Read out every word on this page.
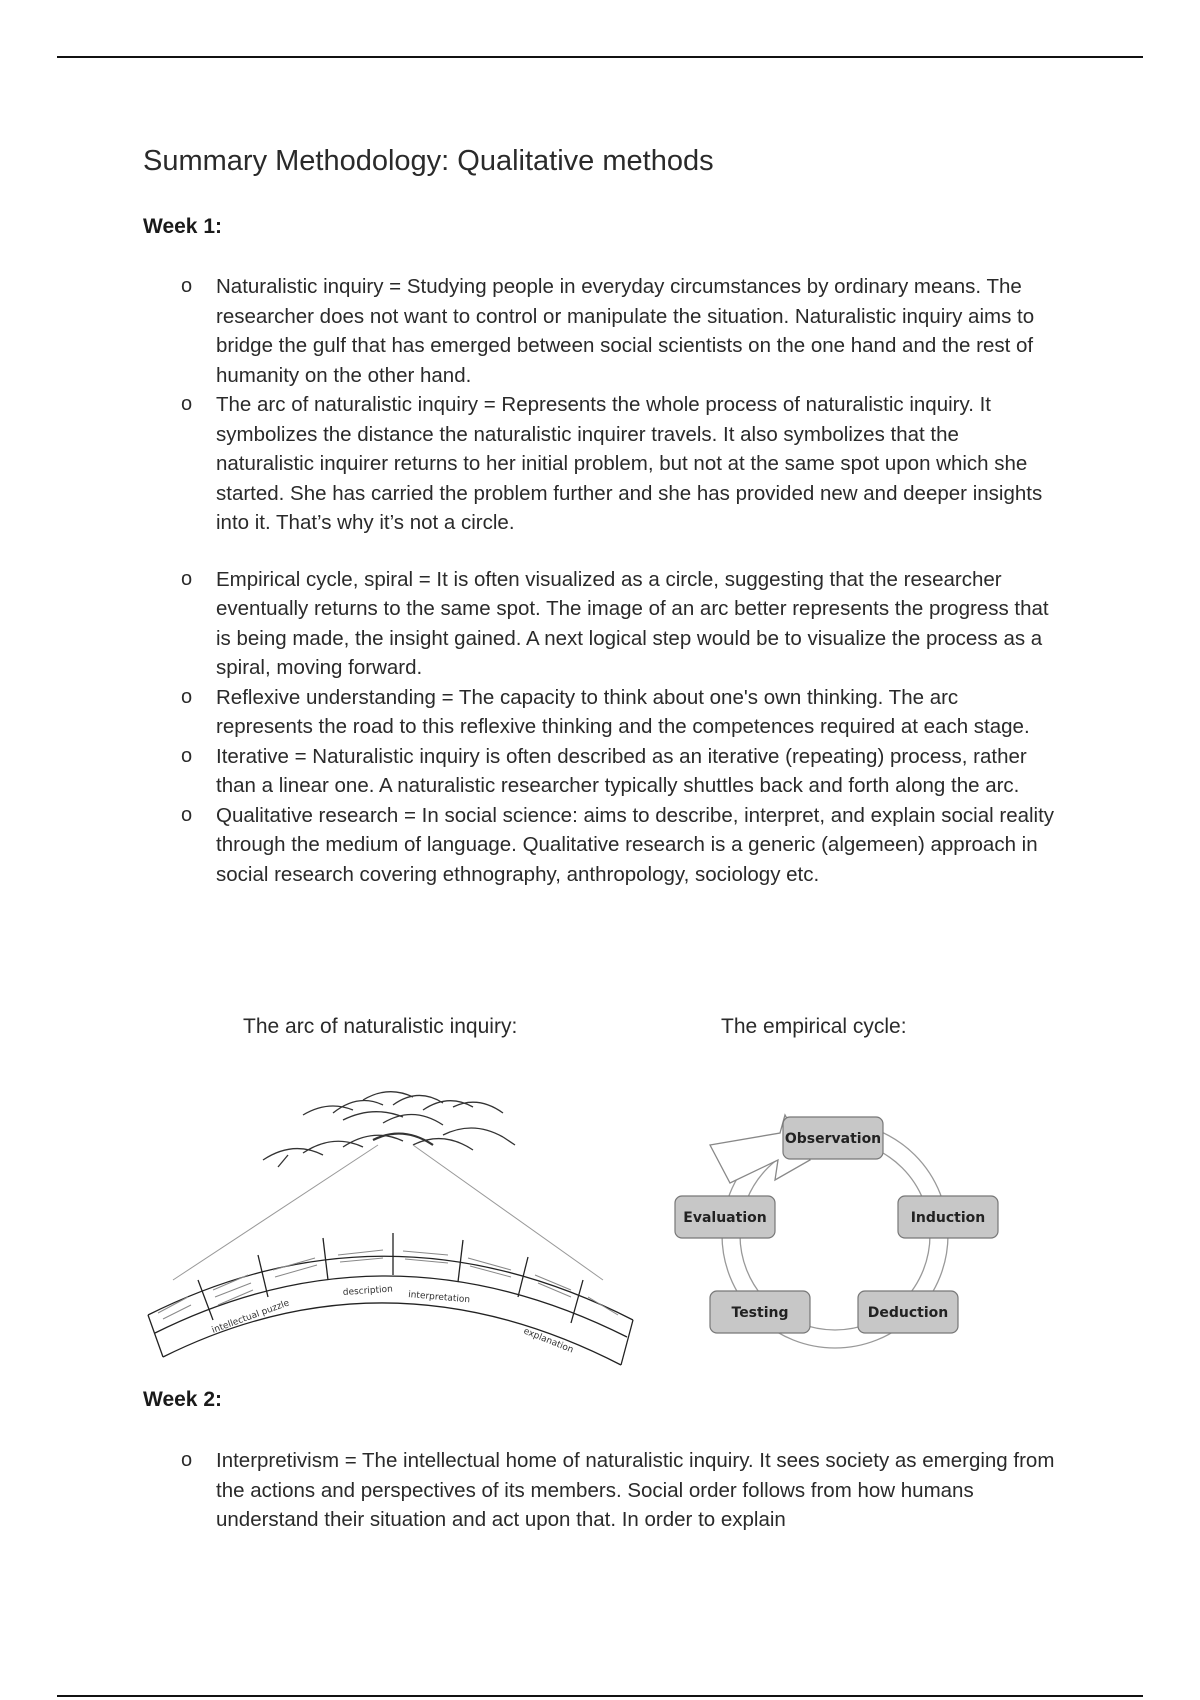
Summary Methodology: Qualitative methods
Week 1:
o Naturalistic inquiry = Studying people in everyday circumstances by ordinary means. The researcher does not want to control or manipulate the situation. Naturalistic inquiry aims to bridge the gulf that has emerged between social scientists on the one hand and the rest of humanity on the other hand.
o The arc of naturalistic inquiry = Represents the whole process of naturalistic inquiry. It symbolizes the distance the naturalistic inquirer travels. It also symbolizes that the naturalistic inquirer returns to her initial problem, but not at the same spot upon which she started. She has carried the problem further and she has provided new and deeper insights into it. That’s why it’s not a circle.
o Empirical cycle, spiral = It is often visualized as a circle, suggesting that the researcher eventually returns to the same spot. The image of an arc better represents the progress that is being made, the insight gained. A next logical step would be to visualize the process as a spiral, moving forward.
o Reflexive understanding = The capacity to think about one's own thinking. The arc represents the road to this reflexive thinking and the competences required at each stage.
o Iterative = Naturalistic inquiry is often described as an iterative (repeating) process, rather than a linear one. A naturalistic researcher typically shuttles back and forth along the arc.
o Qualitative research = In social science: aims to describe, interpret, and explain social reality through the medium of language. Qualitative research is a generic (algemeen) approach in social research covering ethnography, anthropology, sociology etc.
The arc of naturalistic inquiry:	The empirical cycle:
intellectual puzzle
description interpretation
explanation
Observation
Induction
Deduction
Testing
Evaluation
Week 2:
o Interpretivism = The intellectual home of naturalistic inquiry. It sees society as emerging from the actions and perspectives of its members. Social order follows from how humans understand their situation and act upon that. In order to explain
